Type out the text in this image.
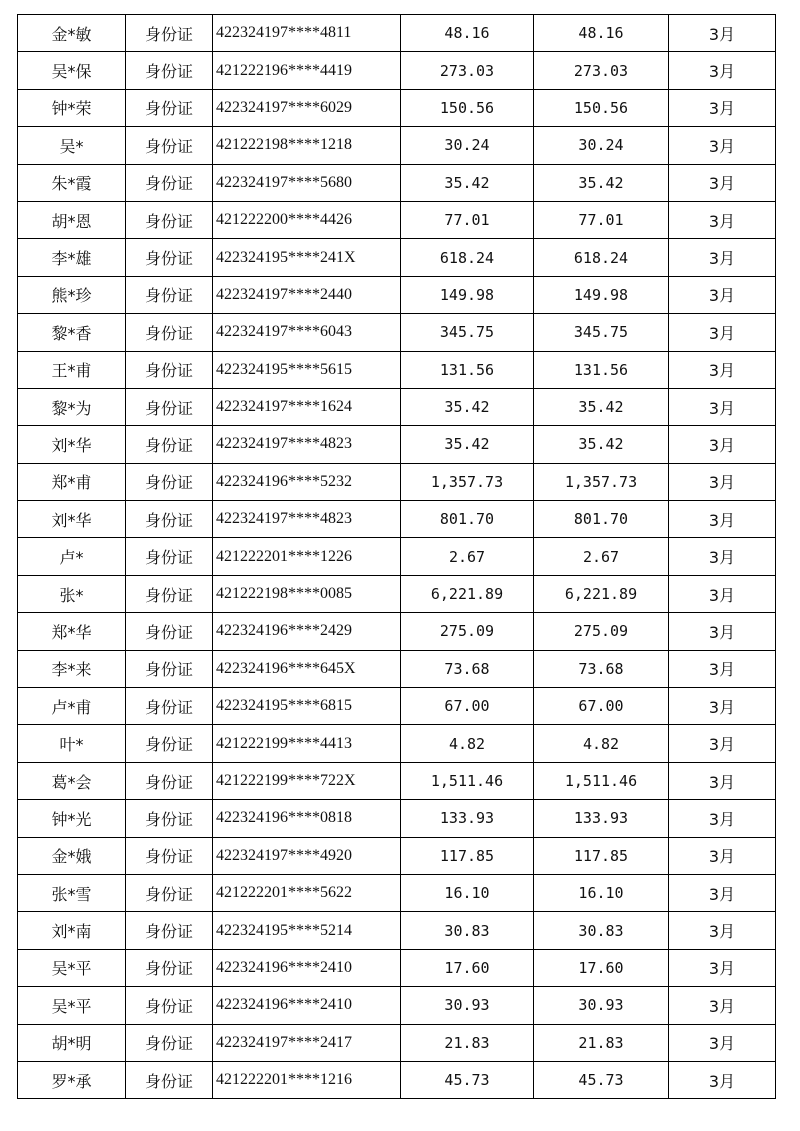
金*敏	身份证	422324197****4811	48.16	48.16	3月
吴*保	身份证	421222196****4419	273.03	273.03	3月
钟*荣	身份证	422324197****6029	150.56	150.56	3月
吴*	身份证	421222198****1218	30.24	30.24	3月
朱*霞	身份证	422324197****5680	35.42	35.42	3月
胡*恩	身份证	421222200****4426	77.01	77.01	3月
李*雄	身份证	422324195****241X	618.24	618.24	3月
熊*珍	身份证	422324197****2440	149.98	149.98	3月
黎*香	身份证	422324197****6043	345.75	345.75	3月
王*甫	身份证	422324195****5615	131.56	131.56	3月
黎*为	身份证	422324197****1624	35.42	35.42	3月
刘*华	身份证	422324197****4823	35.42	35.42	3月
郑*甫	身份证	422324196****5232	1,357.73	1,357.73	3月
刘*华	身份证	422324197****4823	801.70	801.70	3月
卢*	身份证	421222201****1226	2.67	2.67	3月
张*	身份证	421222198****0085	6,221.89	6,221.89	3月
郑*华	身份证	422324196****2429	275.09	275.09	3月
李*来	身份证	422324196****645X	73.68	73.68	3月
卢*甫	身份证	422324195****6815	67.00	67.00	3月
叶*	身份证	421222199****4413	4.82	4.82	3月
葛*会	身份证	421222199****722X	1,511.46	1,511.46	3月
钟*光	身份证	422324196****0818	133.93	133.93	3月
金*娥	身份证	422324197****4920	117.85	117.85	3月
张*雪	身份证	421222201****5622	16.10	16.10	3月
刘*南	身份证	422324195****5214	30.83	30.83	3月
吴*平	身份证	422324196****2410	17.60	17.60	3月
吴*平	身份证	422324196****2410	30.93	30.93	3月
胡*明	身份证	422324197****2417	21.83	21.83	3月
罗*承	身份证	421222201****1216	45.73	45.73	3月
